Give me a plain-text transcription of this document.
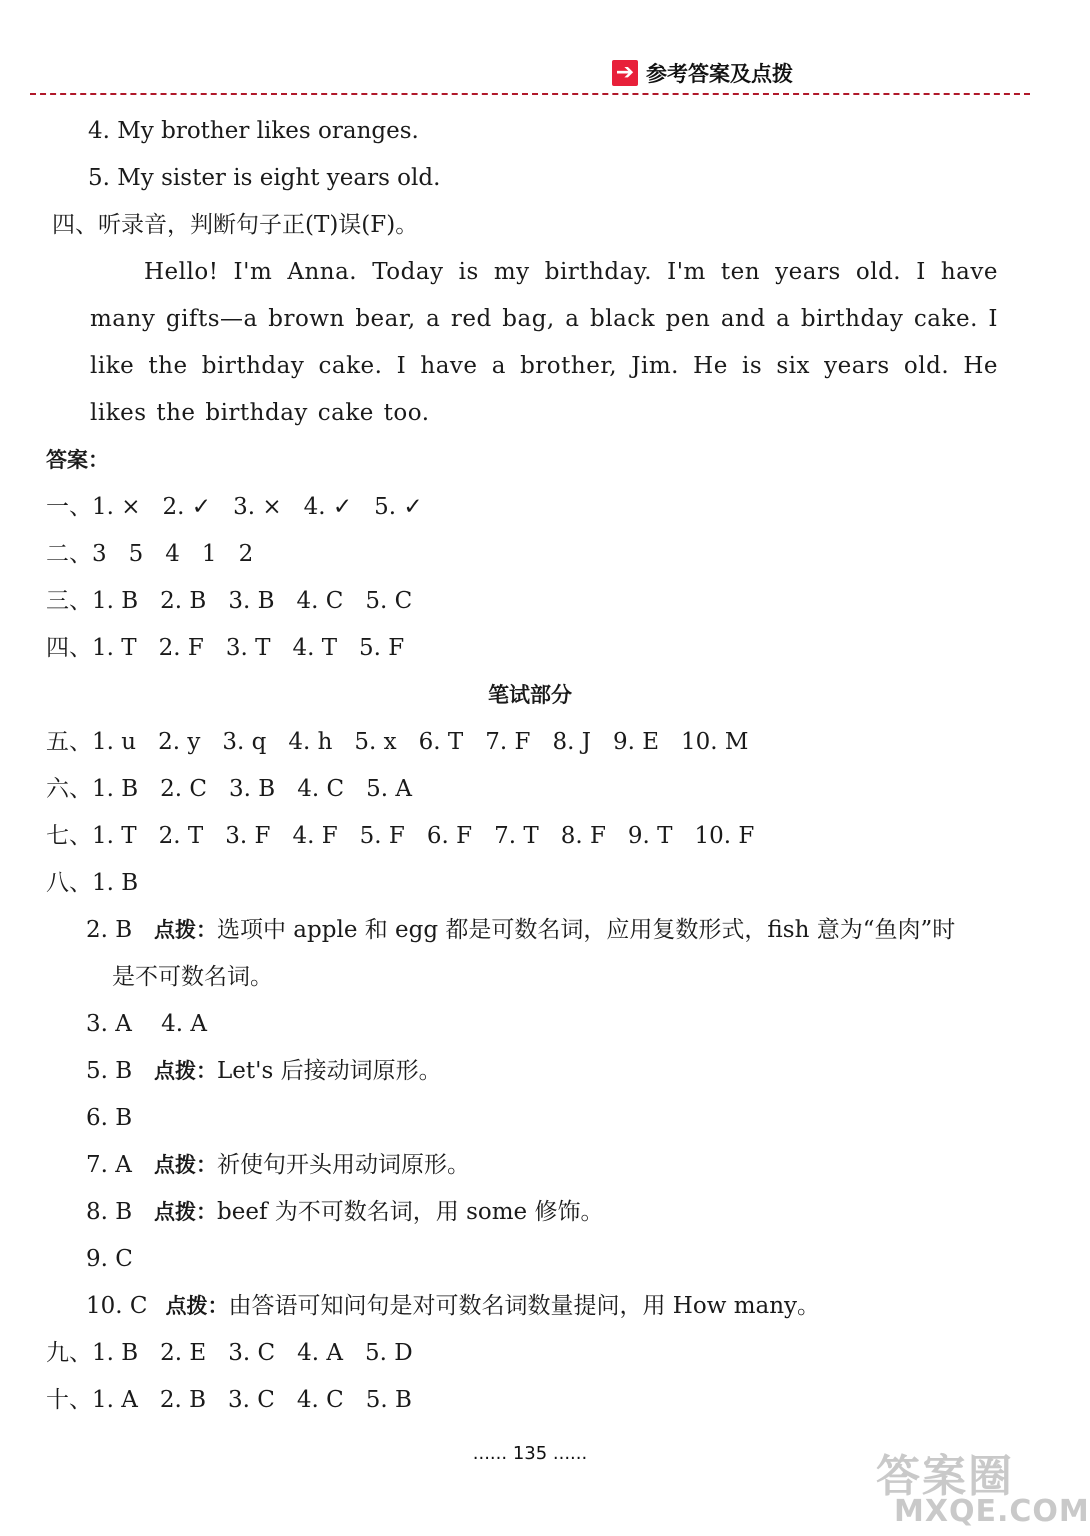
➔ 参考答案及点拨
4. My brother likes oranges.
5. My sister is eight years old.
四、听录音，判断句子正(T)误(F)。
Hello! I'm Anna. Today is my birthday. I'm ten years old. I have many gifts—a brown bear, a red bag, a black pen and a birthday cake. I like the birthday cake. I have a brother, Jim. He is six years old. He likes the birthday cake too.
答案：
一、1. × 2. ✓ 3. × 4. ✓ 5. ✓
二、3 5 4 1 2
三、1. B 2. B 3. B 4. C 5. C
四、1. T 2. F 3. T 4. T 5. F
笔试部分
五、1. u 2. y 3. q 4. h 5. x 6. T 7. F 8. J 9. E 10. M
六、1. B 2. C 3. B 4. C 5. A
七、1. T 2. T 3. F 4. F 5. F 6. F 7. T 8. F 9. T 10. F
八、1. B
2. B 点拨：选项中 apple 和 egg 都是可数名词，应用复数形式，fish 意为“鱼肉”时
是不可数名词。
3. A    4. A
5. B 点拨：Let's 后接动词原形。
6. B
7. A 点拨：祈使句开头用动词原形。
8. B 点拨：beef 为不可数名词，用 some 修饰。
9. C
10. C 点拨：由答语可知问句是对可数名词数量提问，用 How many。
九、1. B 2. E 3. C 4. A 5. D
十、1. A 2. B 3. C 4. C 5. B
...... 135 ......	答案圈
MXQE.COM
